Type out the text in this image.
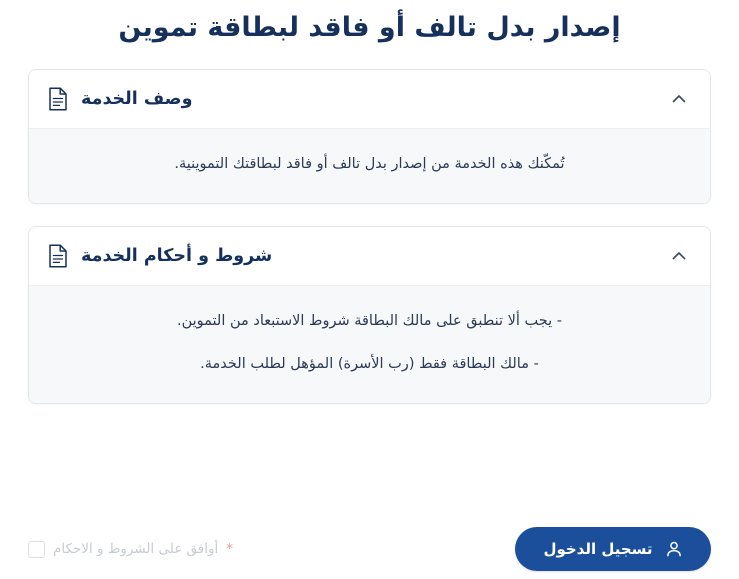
إصدار بدل تالف أو فاقد لبطاقة تموين
وصف الخدمة

تُمكّنك هذه الخدمة من إصدار بدل تالف أو فاقد لبطاقتك التموينية.

شروط و أحكام الخدمة

- يجب ألا تنطبق على مالك البطاقة شروط الاستبعاد من التموين.

- مالك البطاقة فقط (رب الأسرة) المؤهل لطلب الخدمة.

أوافق على الشروط و الاحكام *	تسجيل الدخول
